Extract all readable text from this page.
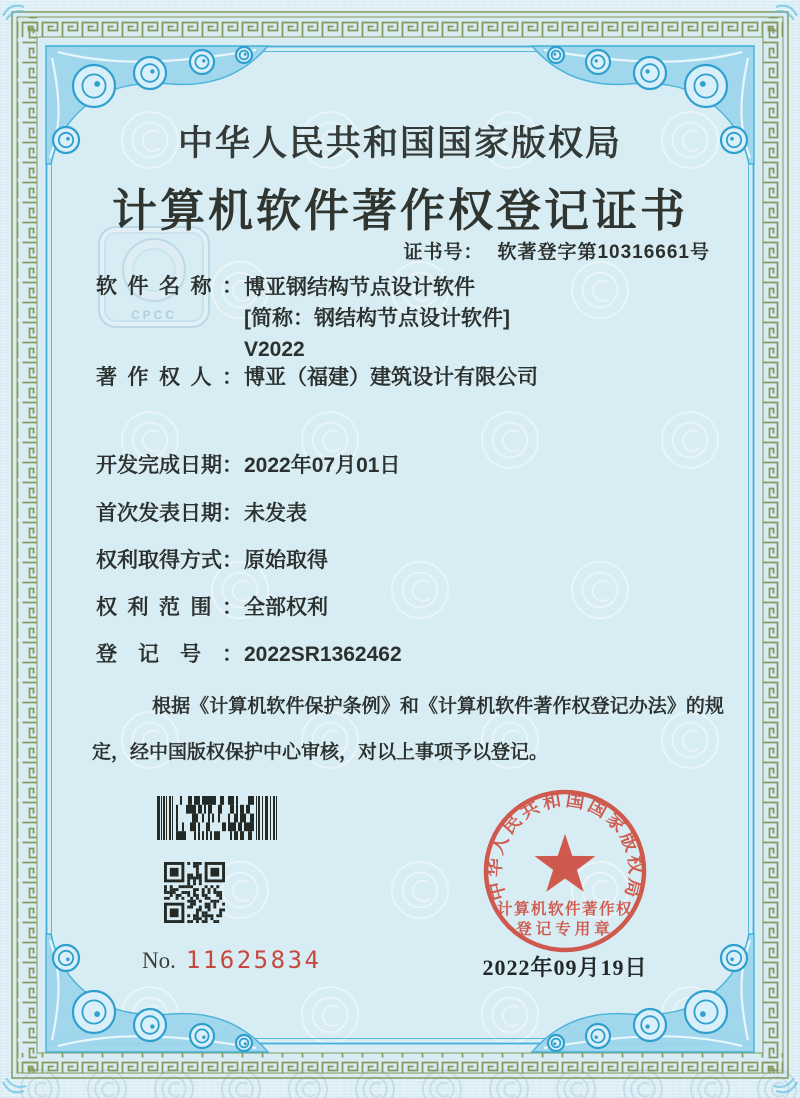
CPCC
中华人民共和国国家版权局
计算机软件著作权登记证书
证书号： 软著登字第10316661号
软件名称：
博亚钢结构节点设计软件
[简称：钢结构节点设计软件]
V2022
著作权人：
博亚（福建）建筑设计有限公司
开发完成日期： 2022年07月01日
首次发表日期： 未发表
权利取得方式： 原始取得
权利范围：
全部权利
登记号：
2022SR1362462

根据《计算机软件保护条例》和《计算机软件著作权登记办法》的规定，经中国版权保护中心审核，对以上事项予以登记。

No. 11625834
中华人民共和国国家版权局
计算机软件著作权
登记专用章
2022年09月19日
